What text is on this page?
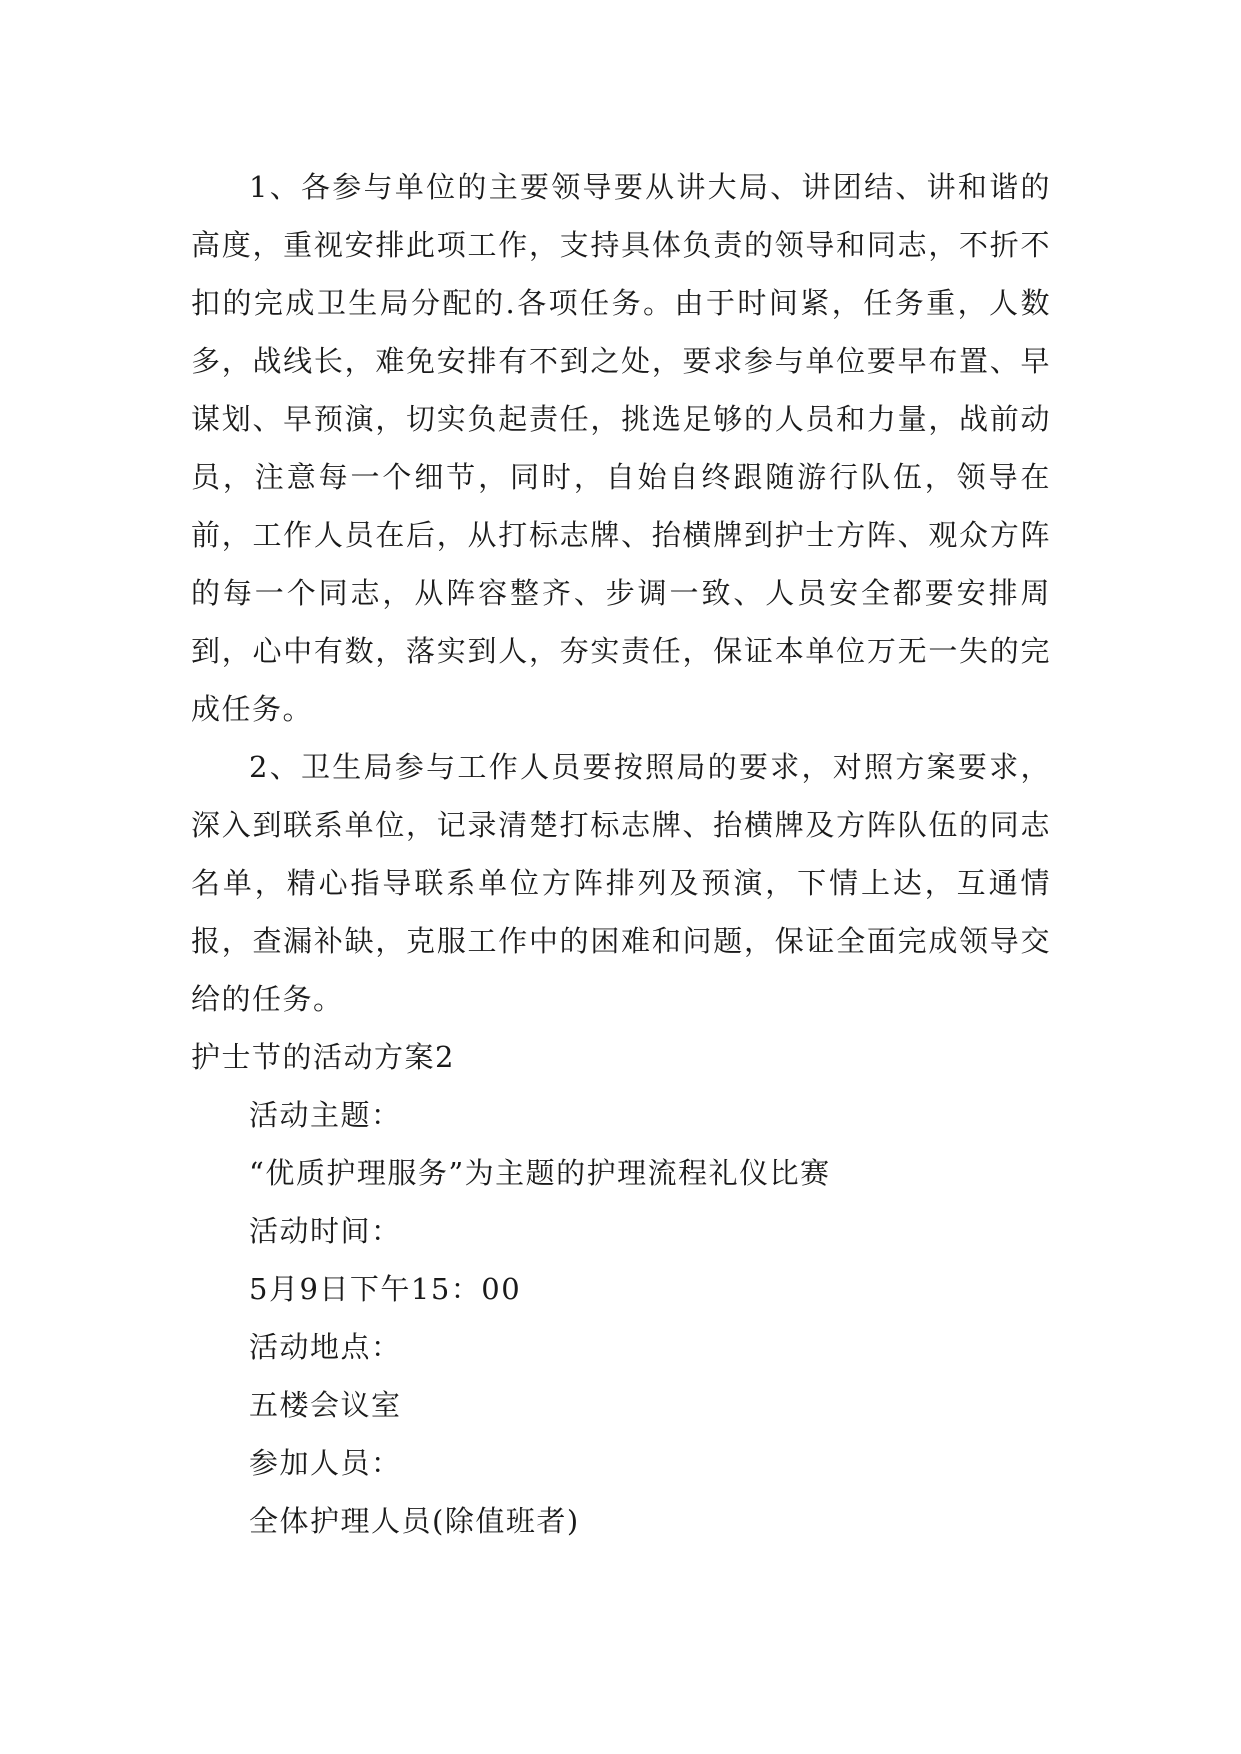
1、各参与单位的主要领导要从讲大局、讲团结、讲和谐的高度，重视安排此项工作，支持具体负责的领导和同志，不折不扣的完成卫生局分配的.各项任务。由于时间紧，任务重，人数多，战线长，难免安排有不到之处，要求参与单位要早布置、早谋划、早预演，切实负起责任，挑选足够的人员和力量，战前动员，注意每一个细节，同时，自始自终跟随游行队伍，领导在前，工作人员在后，从打标志牌、抬横牌到护士方阵、观众方阵的每一个同志，从阵容整齐、步调一致、人员安全都要安排周到，心中有数，落实到人，夯实责任，保证本单位万无一失的完成任务。

2、卫生局参与工作人员要按照局的要求，对照方案要求，深入到联系单位，记录清楚打标志牌、抬横牌及方阵队伍的同志名单，精心指导联系单位方阵排列及预演，下情上达，互通情报，查漏补缺，克服工作中的困难和问题，保证全面完成领导交给的任务。

护士节的活动方案2

活动主题：

“优质护理服务”为主题的护理流程礼仪比赛

活动时间：

5月9日下午15：00

活动地点：

五楼会议室

参加人员：

全体护理人员(除值班者)
